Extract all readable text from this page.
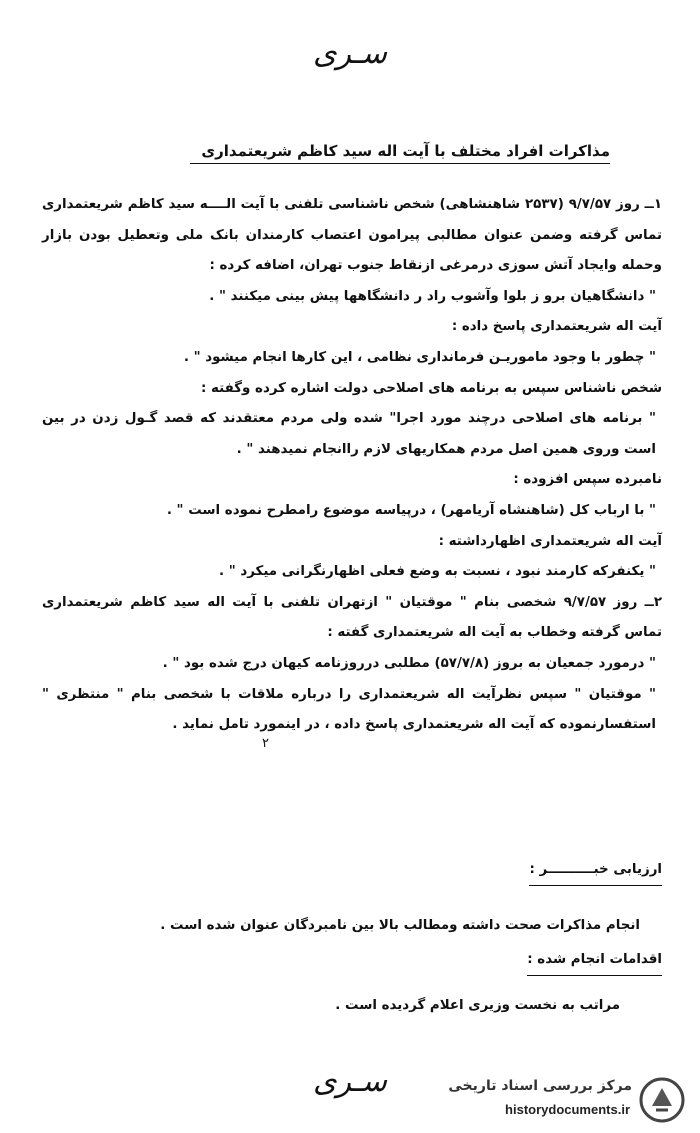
سـری
مذاکرات افراد مختلف با آیت اله سید کاظم شریعتمداری

۱ــ روز ۹/۷/۵۷ (۲۵۳۷ شاهنشاهی) شخص ناشناسی تلفنی با آیت الــــه سید کاظم شریعتمداری تماس گرفته وضمن عنوان مطالبی پیرامون اعتصاب کارمندان بانک ملی وتعطیل بودن بازار وحمله وایجاد آتش سوزی درمرغی ازنقاط جنوب تهران، اضافه کرده :

" دانشگاهیان برو ز بلوا وآشوب راد ر دانشگاهها پیش بینی میکنند " .

آیت اله شریعتمداری پاسخ داده :

" چطور با وجود ماموریـن فرمانداری نظامی ، این کارها انجام میشود " .

شخص ناشناس سپس به برنامه های اصلاحی دولت اشاره کرده وگفته :

" برنامه های اصلاحی درچند مورد اجرا" شده ولی مردم معتقدند که قصد گـول زدن در بین است وروی همین اصل مردم همکاریهای لازم راانجام نمیدهند " .

نامبرده سپس افزوده :

" با ارباب کل (شاهنشاه آریامهر) ، درپیاسه موضوع رامطرح نموده است " .

آیت اله شریعتمداری اظهارداشته :

" یکنفرکه کارمند نبود ، نسبت به وضع فعلی اظهارنگرانی میکرد " .

۲ــ روز ۹/۷/۵۷ شخصی بنام " موقتیان " ازتهران تلفنی با آیت اله سید کاظم شریعتمداری تماس گرفته وخطاب به آیت اله شریعتمداری گفته :

" درمورد جمعیان به بروز (۵۷/۷/۸) مطلبی درروزنامه کیهان درج شده بود " .

" موقتیان " سپس نظرآیت اله شریعتمداری را درباره ملاقات با شخصی بنام " منتظری " استفسارنموده که آیت اله شریعتمداری پاسخ داده ، در اینمورد تامل نماید .

۲
ارزیابی خبــــــــــر :
انجام مذاکرات صحت داشته ومطالب بالا بین نامبردگان عنوان شده است .
اقدامات انجام شده :
مراتب به نخست وزیری اعلام گردیده است .
سـری	مرکز بررسی اسناد تاریخی
historydocuments.ir
